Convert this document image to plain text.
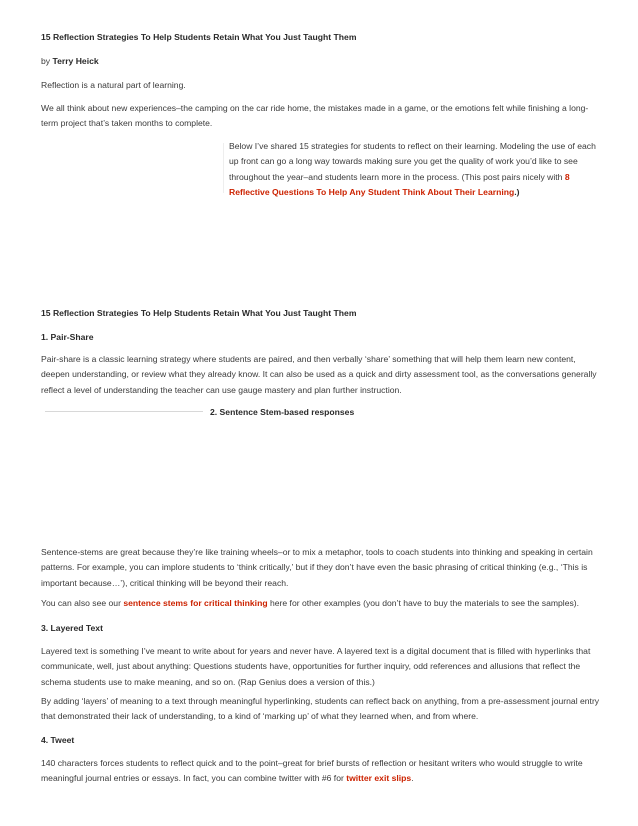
15 Reflection Strategies To Help Students Retain What You Just Taught Them
by Terry Heick
Reflection is a natural part of learning.
We all think about new experiences–the camping on the car ride home, the mistakes made in a game, or the emotions felt while finishing a long-term project that’s taken months to complete.
Below I’ve shared 15 strategies for students to reflect on their learning. Modeling the use of each up front can go a long way towards making sure you get the quality of work you’d like to see throughout the year–and students learn more in the process. (This post pairs nicely with 8 Reflective Questions To Help Any Student Think About Their Learning.)
15 Reflection Strategies To Help Students Retain What You Just Taught Them
1. Pair-Share
Pair-share is a classic learning strategy where students are paired, and then verbally ‘share’ something that will help them learn new content, deepen understanding, or review what they already know. It can also be used as a quick and dirty assessment tool, as the conversations generally reflect a level of understanding the teacher can use gauge mastery and plan further instruction.
2. Sentence Stem-based responses
Sentence-stems are great because they’re like training wheels–or to mix a metaphor, tools to coach students into thinking and speaking in certain patterns. For example, you can implore students to ‘think critically,’ but if they don’t have even the basic phrasing of critical thinking (e.g., ‘This is important because…’), critical thinking will be beyond their reach.
You can also see our sentence stems for critical thinking here for other examples (you don’t have to buy the materials to see the samples).
3. Layered Text
Layered text is something I’ve meant to write about for years and never have. A layered text is a digital document that is filled with hyperlinks that communicate, well, just about anything: Questions students have, opportunities for further inquiry, odd references and allusions that reflect the schema students use to make meaning, and so on. (Rap Genius does a version of this.)
By adding ‘layers’ of meaning to a text through meaningful hyperlinking, students can reflect back on anything, from a pre-assessment journal entry that demonstrated their lack of understanding, to a kind of ‘marking up’ of what they learned when, and from where.
4. Tweet
140 characters forces students to reflect quick and to the point–great for brief bursts of reflection or hesitant writers who would struggle to write meaningful journal entries or essays. In fact, you can combine twitter with #6 for twitter exit slips.
